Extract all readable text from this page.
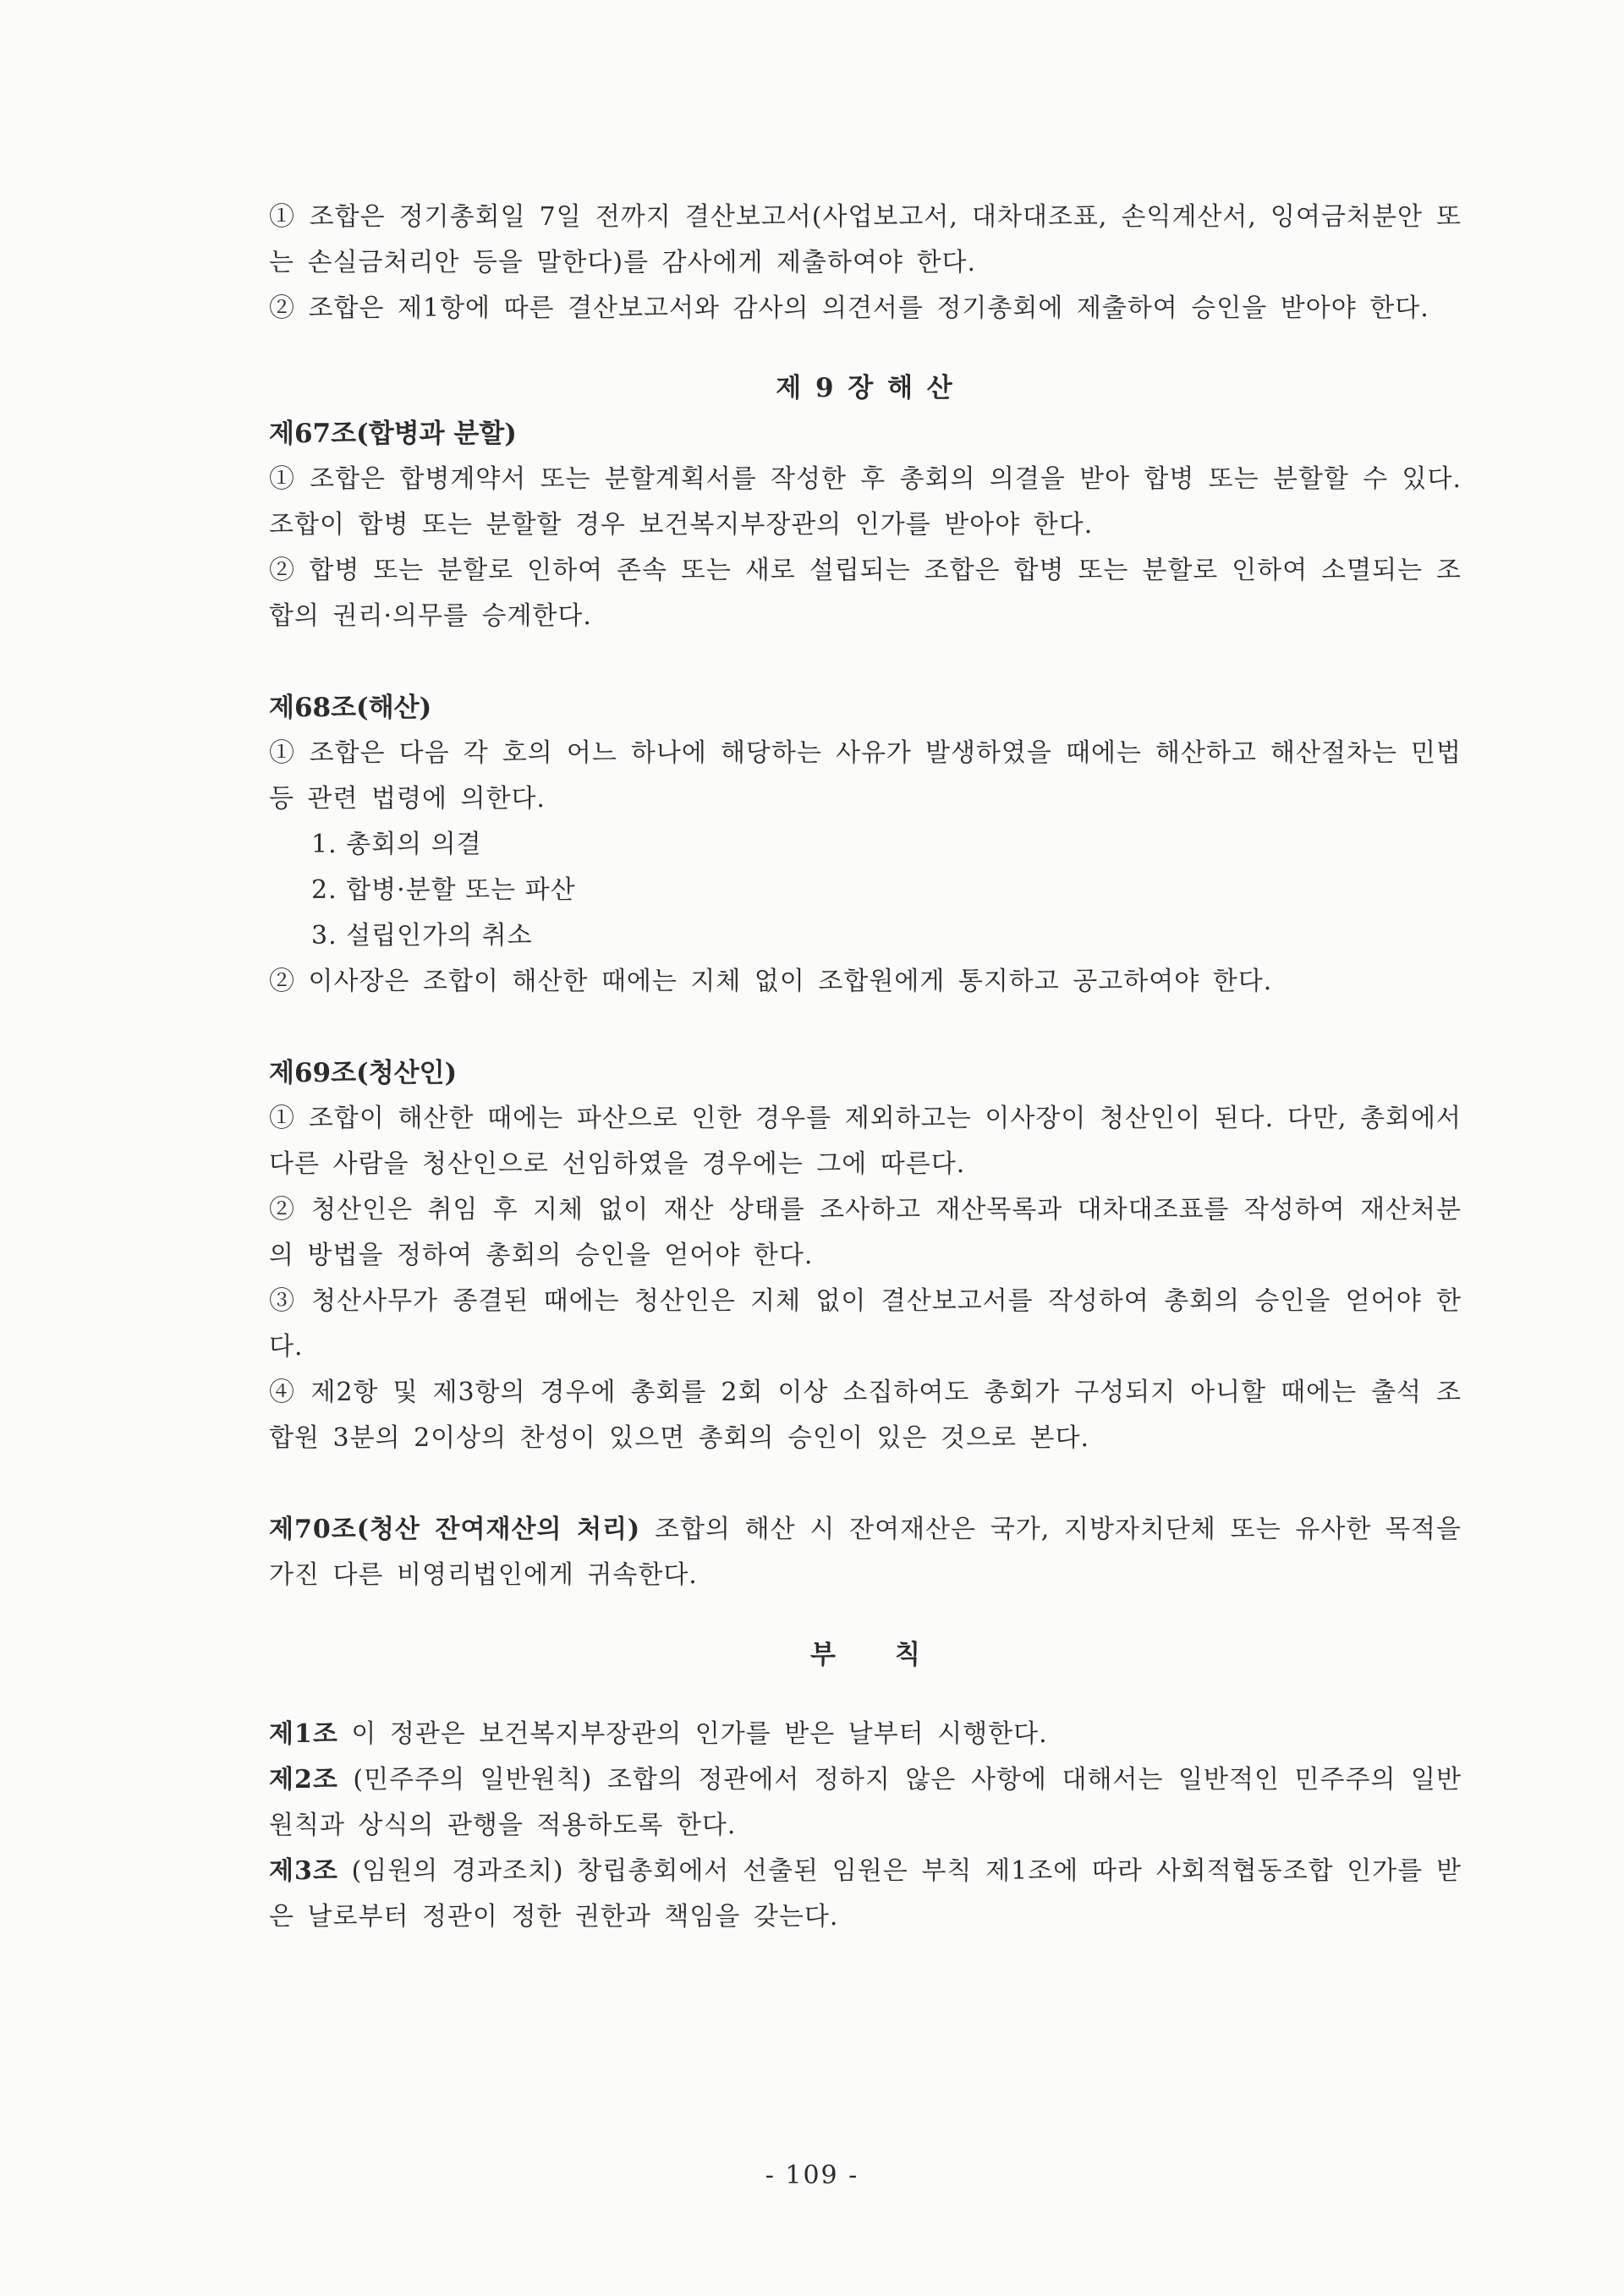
① 조합은 정기총회일 7일 전까지 결산보고서(사업보고서, 대차대조표, 손익계산서, 잉여금처분안 또는 손실금처리안 등을 말한다)를 감사에게 제출하여야 한다.

② 조합은 제1항에 따른 결산보고서와 감사의 의견서를 정기총회에 제출하여 승인을 받아야 한다.

제 9 장 해 산

제67조(합병과 분할)

① 조합은 합병계약서 또는 분할계획서를 작성한 후 총회의 의결을 받아 합병 또는 분할할 수 있다. 조합이 합병 또는 분할할 경우 보건복지부장관의 인가를 받아야 한다.

② 합병 또는 분할로 인하여 존속 또는 새로 설립되는 조합은 합병 또는 분할로 인하여 소멸되는 조합의 권리·의무를 승계한다.

제68조(해산)

① 조합은 다음 각 호의 어느 하나에 해당하는 사유가 발생하였을 때에는 해산하고 해산절차는 민법 등 관련 법령에 의한다.

1. 총회의 의결

2. 합병·분할 또는 파산

3. 설립인가의 취소

② 이사장은 조합이 해산한 때에는 지체 없이 조합원에게 통지하고 공고하여야 한다.

제69조(청산인)

① 조합이 해산한 때에는 파산으로 인한 경우를 제외하고는 이사장이 청산인이 된다. 다만, 총회에서 다른 사람을 청산인으로 선임하였을 경우에는 그에 따른다.

② 청산인은 취임 후 지체 없이 재산 상태를 조사하고 재산목록과 대차대조표를 작성하여 재산처분의 방법을 정하여 총회의 승인을 얻어야 한다.

③ 청산사무가 종결된 때에는 청산인은 지체 없이 결산보고서를 작성하여 총회의 승인을 얻어야 한다.

④ 제2항 및 제3항의 경우에 총회를 2회 이상 소집하여도 총회가 구성되지 아니할 때에는 출석 조합원 3분의 2이상의 찬성이 있으면 총회의 승인이 있은 것으로 본다.

제70조(청산 잔여재산의 처리) 조합의 해산 시 잔여재산은 국가, 지방자치단체 또는 유사한 목적을 가진 다른 비영리법인에게 귀속한다.

부 칙

제1조 이 정관은 보건복지부장관의 인가를 받은 날부터 시행한다.

제2조 (민주주의 일반원칙) 조합의 정관에서 정하지 않은 사항에 대해서는 일반적인 민주주의 일반원칙과 상식의 관행을 적용하도록 한다.

제3조 (임원의 경과조치) 창립총회에서 선출된 임원은 부칙 제1조에 따라 사회적협동조합 인가를 받은 날로부터 정관이 정한 권한과 책임을 갖는다.

- 109 -
